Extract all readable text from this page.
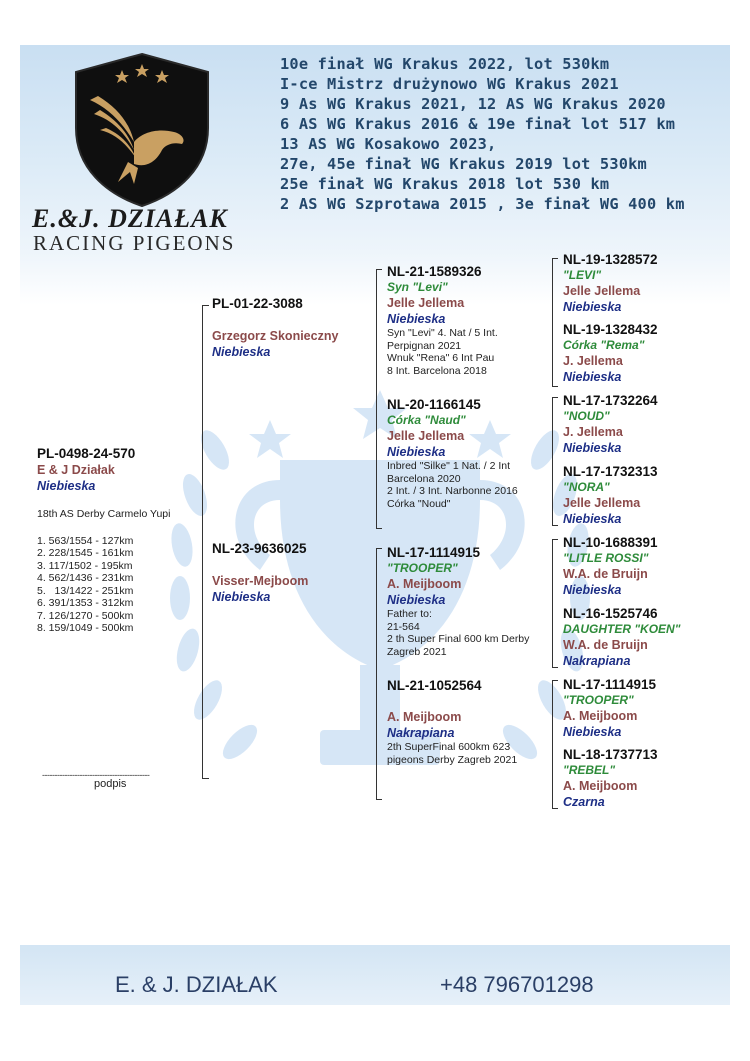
E.&J. DZIAŁAK
RACING PIGEONS
10e finał WG Krakus 2022, lot 530km
I-ce Mistrz drużynowo WG Krakus 2021
9 As WG Krakus 2021, 12 AS WG Krakus 2020
6 AS WG Krakus 2016 & 19e finał lot 517 km
13 AS WG Kosakowo 2023,
27e, 45e finał WG Krakus 2019 lot 530km
25e finał WG Krakus 2018 lot 530 km
2 AS WG Szprotawa 2015 , 3e finał WG 400 km
PL-0498-24-570
E & J Działak
Niebieska
18th AS Derby Carmelo Yupi
1. 563/1554 - 127km
2. 228/1545 - 161km
3. 117/1502 - 195km
4. 562/1436 - 231km
5.   13/1422 - 251km
6. 391/1353 - 312km
7. 126/1270 - 500km
8. 159/1049 - 500km
-------------------------------------------
podpis
PL-01-22-3088
Grzegorz Skonieczny
Niebieska
NL-23-9636025
Visser-Mejboom
Niebieska
NL-21-1589326
Syn "Levi"
Jelle Jellema
Niebieska
Syn "Levi" 4. Nat / 5 Int.
Perpignan 2021
Wnuk "Rena" 6 Int Pau
8 Int. Barcelona 2018
NL-20-1166145
Córka "Naud"
Jelle Jellema
Niebieska
Inbred "Silke" 1 Nat. / 2 Int
Barcelona 2020
2 Int. / 3 Int. Narbonne 2016
Córka "Noud"
NL-17-1114915
"TROOPER"
A. Meijboom
Niebieska
Father to:
21-564
2 th Super Final 600 km Derby
Zagreb 2021
NL-21-1052564
A. Meijboom
Nakrapiana
2th SuperFinal 600km 623
pigeons Derby Zagreb 2021
NL-19-1328572
"LEVI"
Jelle Jellema
Niebieska
NL-19-1328432
Córka "Rema"
J. Jellema
Niebieska
NL-17-1732264
"NOUD"
J. Jellema
Niebieska
NL-17-1732313
"NORA"
Jelle Jellema
Niebieska
NL-10-1688391
"LITLE ROSSI"
W.A. de Bruijn
Niebieska
NL-16-1525746
DAUGHTER "KOEN"
W.A. de Bruijn
Nakrapiana
NL-17-1114915
"TROOPER"
A. Meijboom
Niebieska
NL-18-1737713
"REBEL"
A. Meijboom
Czarna
E. & J. DZIAŁAK	+48 796701298
